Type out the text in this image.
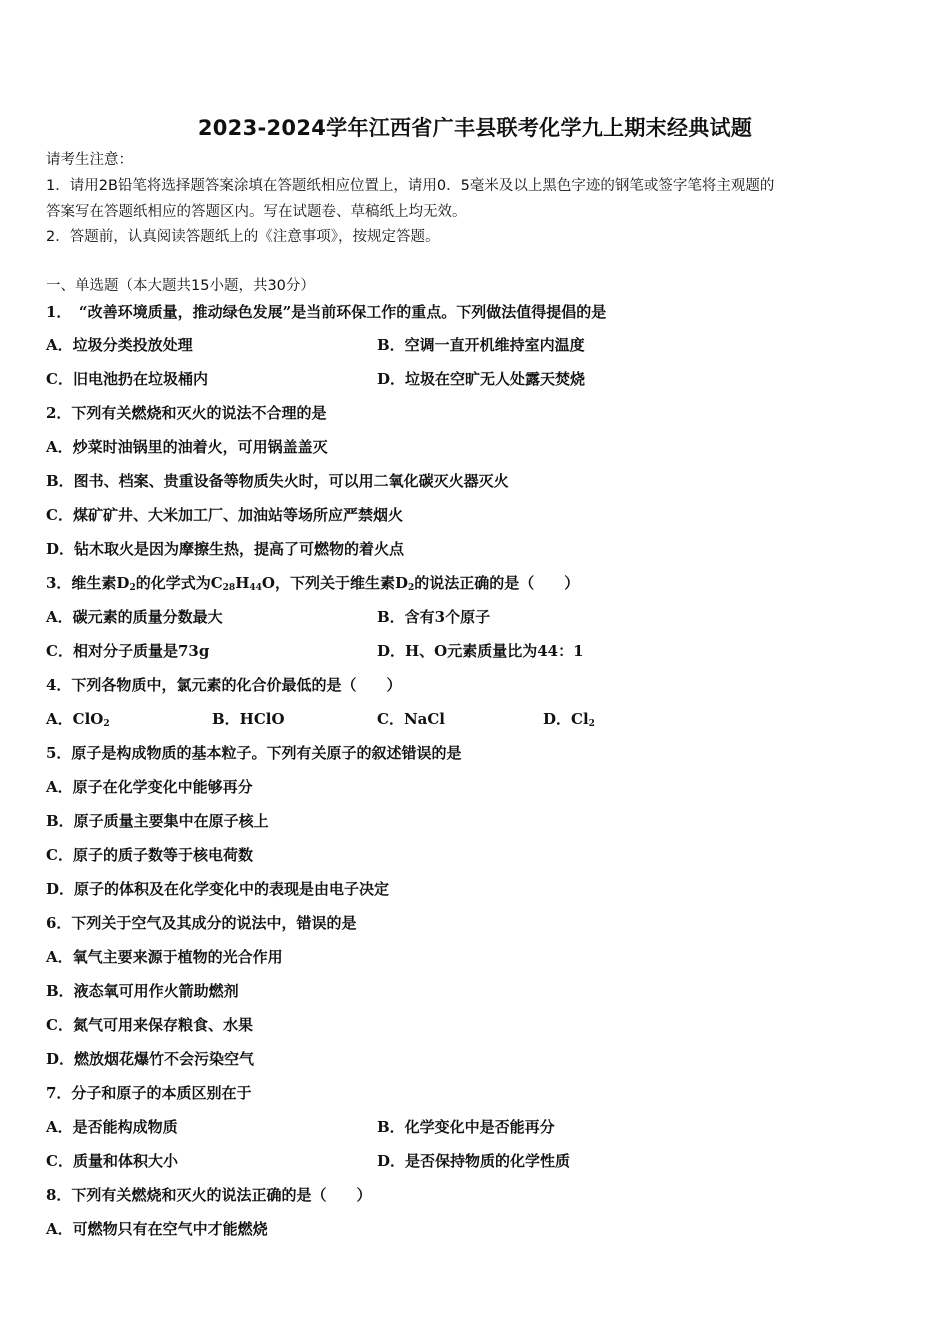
2023-2024学年江西省广丰县联考化学九上期末经典试题
请考生注意：
1．请用2B铅笔将选择题答案涂填在答题纸相应位置上，请用0．5毫米及以上黑色字迹的钢笔或签字笔将主观题的
答案写在答题纸相应的答题区内。写在试题卷、草稿纸上均无效。
2．答题前，认真阅读答题纸上的《注意事项》，按规定答题。
一、单选题（本大题共15小题，共30分）
1．　“改善环境质量，推动绿色发展”是当前环保工作的重点。下列做法值得提倡的是
A．垃圾分类投放处理	B．空调一直开机维持室内温度
C．旧电池扔在垃圾桶内	D．垃圾在空旷无人处露天焚烧
2．下列有关燃烧和灭火的说法不合理的是
A．炒菜时油锅里的油着火，可用锅盖盖灭
B．图书、档案、贵重设备等物质失火时，可以用二氧化碳灭火器灭火
C．煤矿矿井、大米加工厂、加油站等场所应严禁烟火
D．钻木取火是因为摩擦生热，提高了可燃物的着火点
3．维生素$D_2$的化学式为$C_{28}H_{44}O$，下列关于维生素$D_2$的说法正确的是（　　）
A．碳元素的质量分数最大	B．含有3个原子
C．相对分子质量是73g	D．H、O元素质量比为44：1
4．下列各物质中，氯元素的化合价最低的是（　　）
A．ClO$_2$	B．HClO	C．NaCl	D．$Cl_2$
5．原子是构成物质的基本粒子。下列有关原子的叙述错误的是
A．原子在化学变化中能够再分
B．原子质量主要集中在原子核上
C．原子的质子数等于核电荷数
D．原子的体积及在化学变化中的表现是由电子决定
6．下列关于空气及其成分的说法中，错误的是
A．氧气主要来源于植物的光合作用
B．液态氧可用作火箭助燃剂
C．氮气可用来保存粮食、水果
D．燃放烟花爆竹不会污染空气
7．分子和原子的本质区别在于
A．是否能构成物质	B．化学变化中是否能再分
C．质量和体积大小	D．是否保持物质的化学性质
8．下列有关燃烧和灭火的说法正确的是（　　）
A．可燃物只有在空气中才能燃烧
